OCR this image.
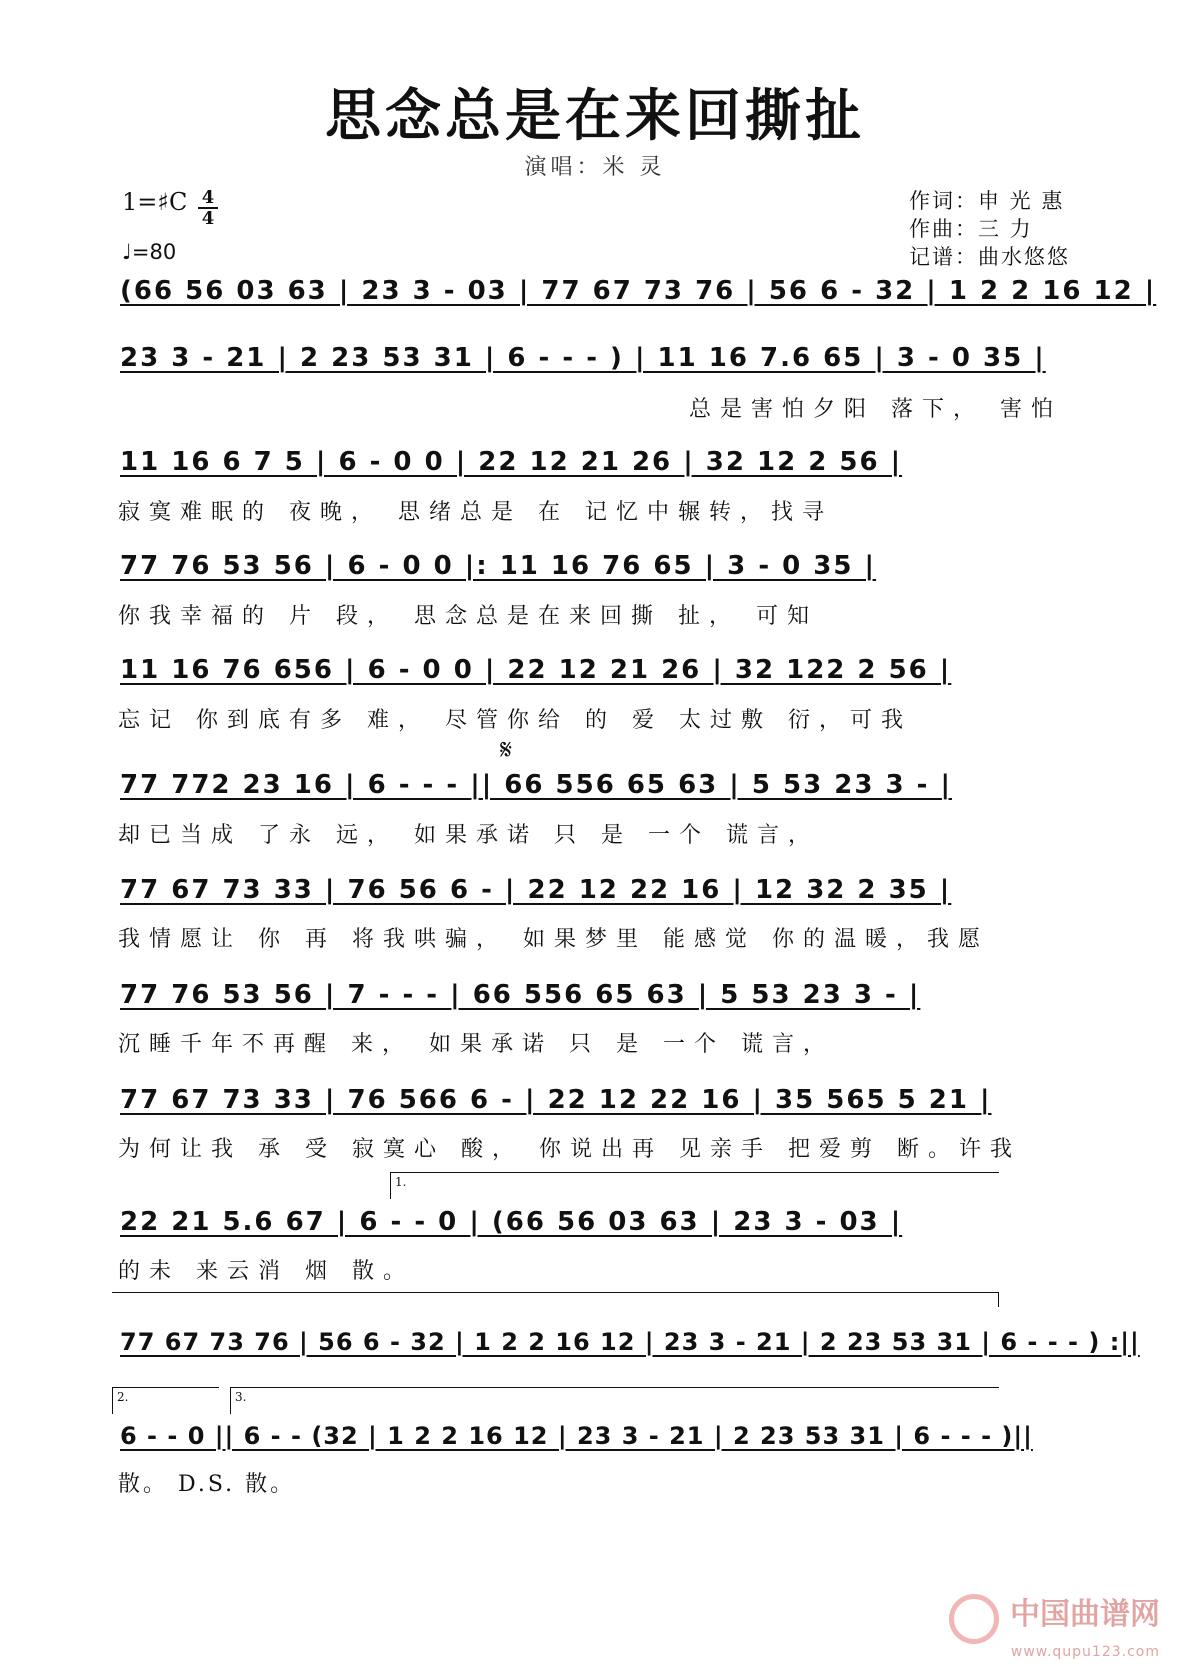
思念总是在来回撕扯
演唱：米 灵
1=♯C 4
4
♩=80
作词：申 光 惠
作曲：三 力
记谱：曲水悠悠
(66 56 03 63 | 23 3 - 03 | 77 67 73 76 | 56 6 - 32 | 1 2 2 16 12 |
23 3 - 21 | 2 23 53 31 | 6 - - - ) | 11 16 7.6 65 | 3 - 0 35 |
总是害怕夕阳 落下， 害怕
11 16 6 7 5 | 6 - 0 0 | 22 12 21 26 | 32 12 2 56 |
寂寞难眠的 夜晚， 思绪总是 在 记忆中辗转，找寻
77 76 53 56 | 6 - 0 0 |: 11 16 76 65 | 3 - 0 35 |
你我幸福的 片 段， 思念总是在来回撕 扯， 可知
11 16 76 656 | 6 - 0 0 | 22 12 21 26 | 32 122 2 56 |
忘记 你到底有多 难， 尽管你给 的 爱 太过敷 衍，可我
𝄋
77 772 23 16 | 6 - - - || 66 556 65 63 | 5 53 23 3 - |
却已当成 了永 远， 如果承诺 只 是 一个 谎言，
77 67 73 33 | 76 56 6 - | 22 12 22 16 | 12 32 2 35 |
我情愿让 你 再 将我哄骗， 如果梦里 能感觉 你的温暖，我愿
77 76 53 56 | 7 - - - | 66 556 65 63 | 5 53 23 3 - |
沉睡千年不再醒 来， 如果承诺 只 是 一个 谎言，
77 67 73 33 | 76 566 6 - | 22 12 22 16 | 35 565 5 21 |
为何让我 承 受 寂寞心 酸， 你说出再 见亲手 把爱剪 断。许我
1.
22 21 5.6 67 | 6 - - 0 | (66 56 03 63 | 23 3 - 03 |
的未 来云消 烟 散。
77 67 73 76 | 56 6 - 32 | 1 2 2 16 12 | 23 3 - 21 | 2 23 53 31 | 6 - - - ) :||
2.	3.
6 - - 0 || 6 - - (32 | 1 2 2 16 12 | 23 3 - 21 | 2 23 53 31 | 6 - - - )||
散。 D.S. 散。
中国曲谱网
www.qupu123.com
